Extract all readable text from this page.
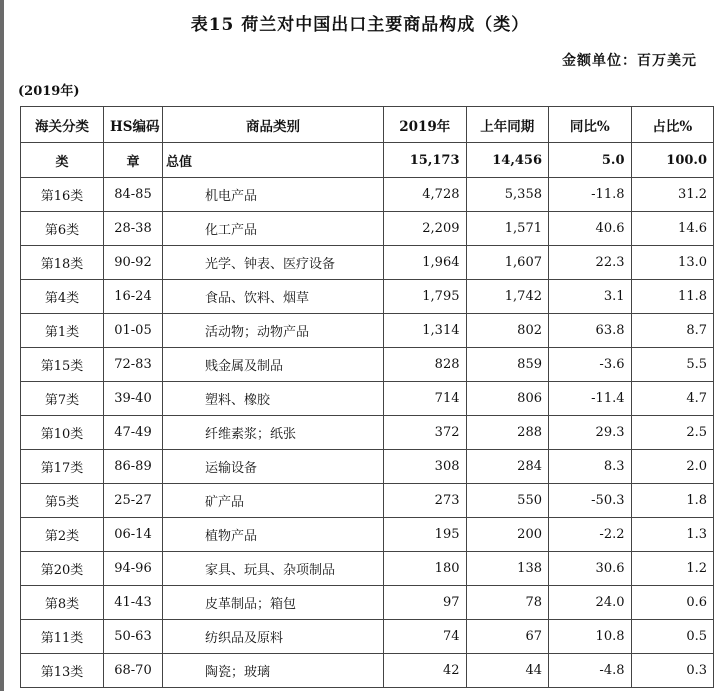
表15 荷兰对中国出口主要商品构成（类）
金额单位：百万美元
(2019年)
海关分类	HS编码	商品类别	2019年	上年同期	同比%	占比%
类	章	总值	15,173	14,456	5.0	100.0
第16类	84-85	机电产品	4,728	5,358	-11.8	31.2
第6类	28-38	化工产品	2,209	1,571	40.6	14.6
第18类	90-92	光学、钟表、医疗设备	1,964	1,607	22.3	13.0
第4类	16-24	食品、饮料、烟草	1,795	1,742	3.1	11.8
第1类	01-05	活动物；动物产品	1,314	802	63.8	8.7
第15类	72-83	贱金属及制品	828	859	-3.6	5.5
第7类	39-40	塑料、橡胶	714	806	-11.4	4.7
第10类	47-49	纤维素浆；纸张	372	288	29.3	2.5
第17类	86-89	运输设备	308	284	8.3	2.0
第5类	25-27	矿产品	273	550	-50.3	1.8
第2类	06-14	植物产品	195	200	-2.2	1.3
第20类	94-96	家具、玩具、杂项制品	180	138	30.6	1.2
第8类	41-43	皮革制品；箱包	97	78	24.0	0.6
第11类	50-63	纺织品及原料	74	67	10.8	0.5
第13类	68-70	陶瓷；玻璃	42	44	-4.8	0.3
